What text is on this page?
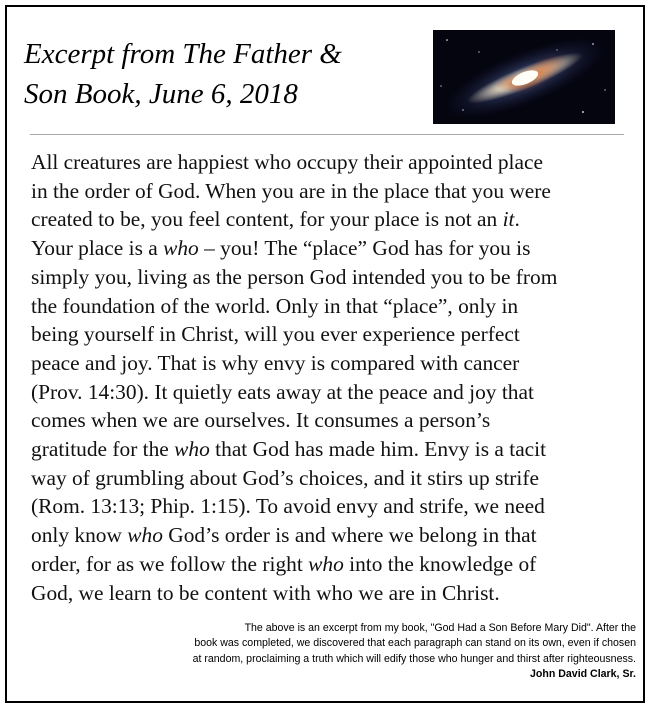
Excerpt from The Father &
Son Book, June 6, 2018

All creatures are happiest who occupy their appointed place
in the order of God. When you are in the place that you were
created to be, you feel content, for your place is not an it.
Your place is a who – you! The “place” God has for you is
simply you, living as the person God intended you to be from
the foundation of the world. Only in that “place”, only in
being yourself in Christ, will you ever experience perfect
peace and joy. That is why envy is compared with cancer
(Prov. 14:30). It quietly eats away at the peace and joy that
comes when we are ourselves. It consumes a person’s
gratitude for the who that God has made him. Envy is a tacit
way of grumbling about God’s choices, and it stirs up strife
(Rom. 13:13; Phip. 1:15). To avoid envy and strife, we need
only know who God’s order is and where we belong in that
order, for as we follow the right who into the knowledge of
God, we learn to be content with who we are in Christ.

The above is an excerpt from my book, "God Had a Son Before Mary Did". After the
book was completed, we discovered that each paragraph can stand on its own, even if chosen
at random, proclaiming a truth which will edify those who hunger and thirst after righteousness.
John David Clark, Sr.
